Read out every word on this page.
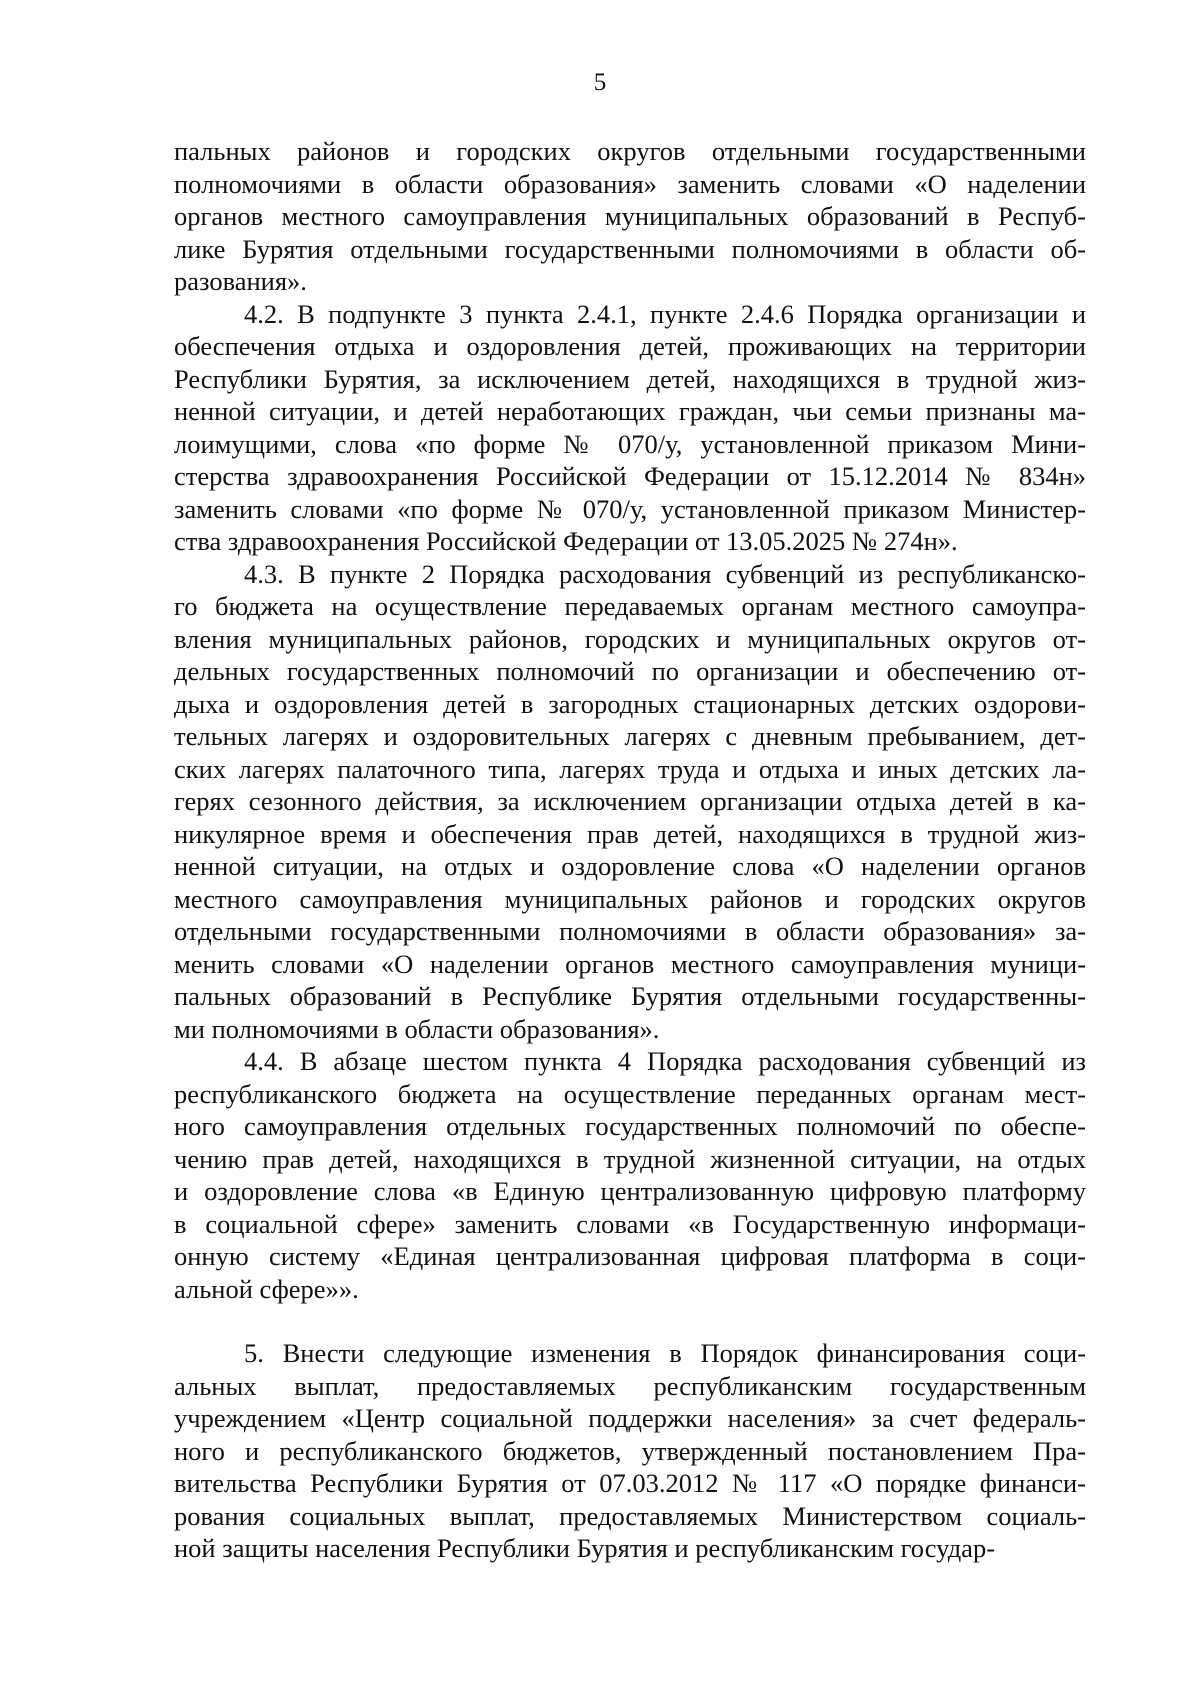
5
пальных районов и городских округов отдельными государственными
полномочиями в области образования» заменить словами «О наделении
органов местного самоуправления муниципальных образований в Респуб-
лике Бурятия отдельными государственными полномочиями в области об-
разования».
4.2. В подпункте 3 пункта 2.4.1, пункте 2.4.6 Порядка организации и
обеспечения отдыха и оздоровления детей, проживающих на территории
Республики Бурятия, за исключением детей, находящихся в трудной жиз-
ненной ситуации, и детей неработающих граждан, чьи семьи признаны ма-
лоимущими, слова «по форме № 070/у, установленной приказом Мини-
стерства здравоохранения Российской Федерации от 15.12.2014 № 834н»
заменить словами «по форме № 070/у, установленной приказом Министер-
ства здравоохранения Российской Федерации от 13.05.2025 № 274н».
4.3. В пункте 2 Порядка расходования субвенций из республиканско-
го бюджета на осуществление передаваемых органам местного самоупра-
вления муниципальных районов, городских и муниципальных округов от-
дельных государственных полномочий по организации и обеспечению от-
дыха и оздоровления детей в загородных стационарных детских оздорови-
тельных лагерях и оздоровительных лагерях с дневным пребыванием, дет-
ских лагерях палаточного типа, лагерях труда и отдыха и иных детских ла-
герях сезонного действия, за исключением организации отдыха детей в ка-
никулярное время и обеспечения прав детей, находящихся в трудной жиз-
ненной ситуации, на отдых и оздоровление слова «О наделении органов
местного самоуправления муниципальных районов и городских округов
отдельными государственными полномочиями в области образования» за-
менить словами «О наделении органов местного самоуправления муници-
пальных образований в Республике Бурятия отдельными государственны-
ми полномочиями в области образования».
4.4. В абзаце шестом пункта 4 Порядка расходования субвенций из
республиканского бюджета на осуществление переданных органам мест-
ного самоуправления отдельных государственных полномочий по обеспе-
чению прав детей, находящихся в трудной жизненной ситуации, на отдых
и оздоровление слова «в Единую централизованную цифровую платформу
в социальной сфере» заменить словами «в Государственную информаци-
онную систему «Единая централизованная цифровая платформа в соци-
альной сфере»».
5. Внести следующие изменения в Порядок финансирования соци-
альных выплат, предоставляемых республиканским государственным
учреждением «Центр социальной поддержки населения» за счет федераль-
ного и республиканского бюджетов, утвержденный постановлением Пра-
вительства Республики Бурятия от 07.03.2012 № 117 «О порядке финанси-
рования социальных выплат, предоставляемых Министерством социаль-
ной защиты населения Республики Бурятия и республиканским государ-
